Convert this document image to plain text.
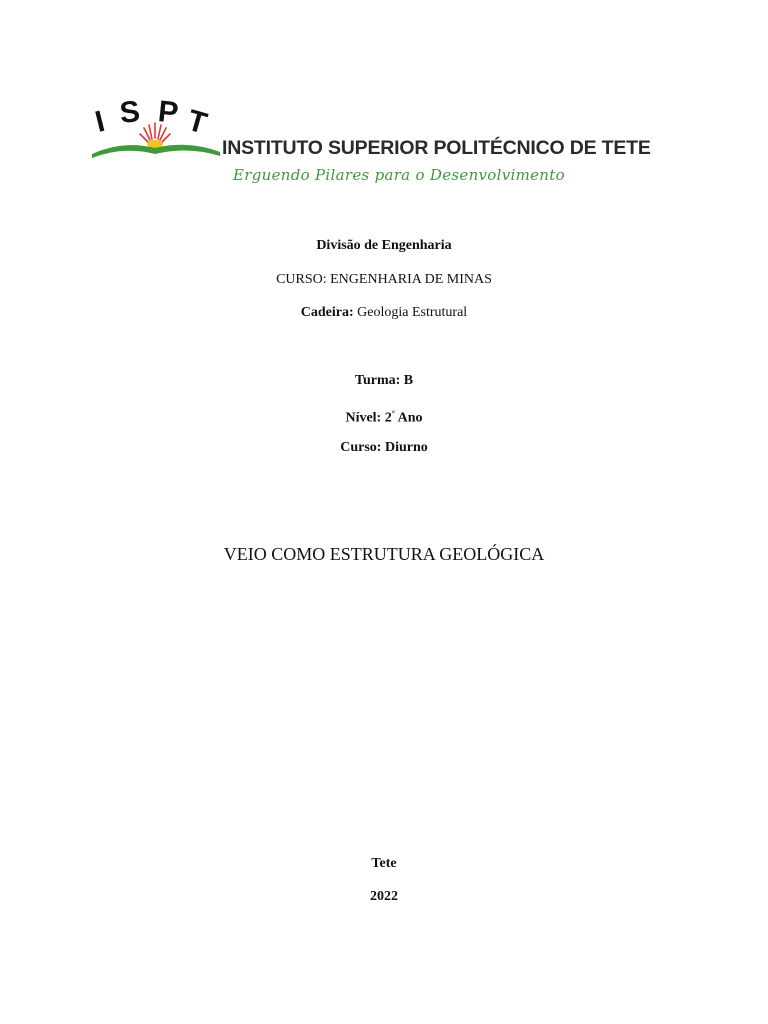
I S P T
INSTITUTO SUPERIOR POLITÉCNICO DE TETE
Erguendo Pilares para o Desenvolvimento
Divisão de Engenharia
CURSO: ENGENHARIA DE MINAS
Cadeira: Geologia Estrutural
Turma: B
Nível: 2° Ano
Curso: Diurno
VEIO COMO ESTRUTURA GEOLÓGICA
Tete
2022
